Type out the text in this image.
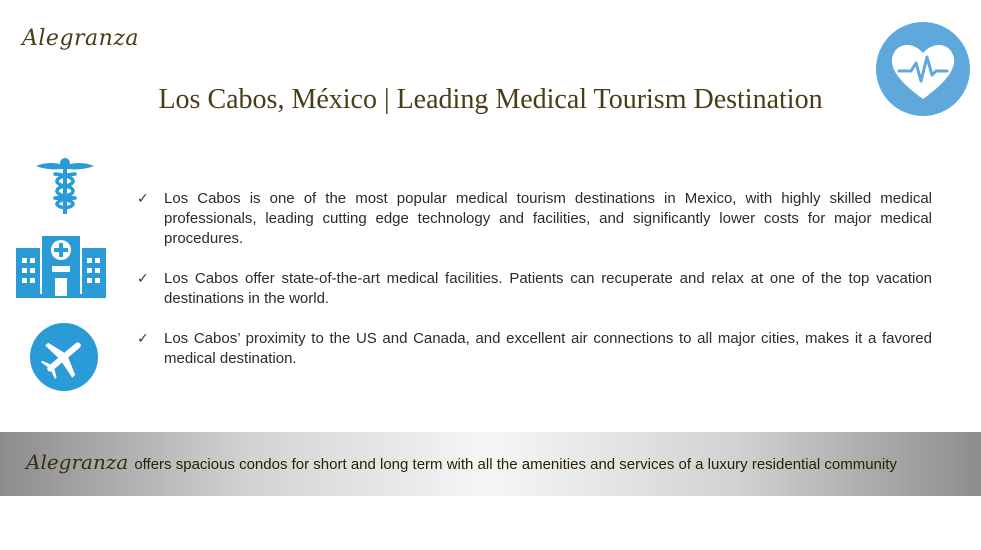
Alegranza
Los Cabos, México | Leading Medical Tourism Destination
✓ Los Cabos is one of the most popular medical tourism destinations in Mexico, with highly skilled medical professionals, leading cutting edge technology and facilities, and significantly lower costs for major medical procedures.
✓ Los Cabos offer state-of-the-art medical facilities. Patients can recuperate and relax at one of the top vacation destinations in the world.
✓ Los Cabos’ proximity to the US and Canada, and excellent air connections to all major cities, makes it a favored medical destination.
Alegranza offers spacious condos for short and long term with all the amenities and services of a luxury residential community
